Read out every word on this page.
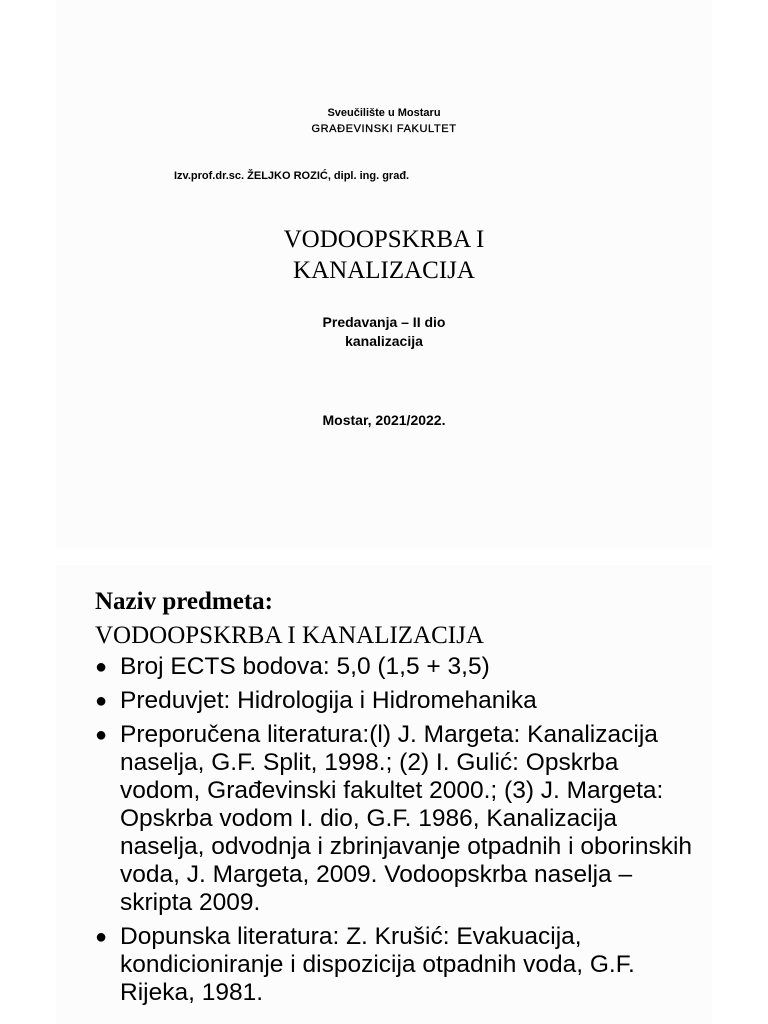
Sveučilište u Mostaru
GRAĐEVINSKI FAKULTET
Izv.prof.dr.sc. ŽELJKO ROZIĆ, dipl. ing. građ.
VODOOPSKRBA I
KANALIZACIJA
Predavanja – II dio
kanalizacija
Mostar, 2021/2022.
Naziv predmeta:
VODOOPSKRBA I KANALIZACIJA
● Broj ECTS bodova: 5,0 (1,5 + 3,5)
● Preduvjet: Hidrologija i Hidromehanika
● Preporučena literatura:(l) J. Margeta: Kanalizacija naselja, G.F. Split, 1998.; (2) I. Gulić: Opskrba vodom, Građevinski fakultet 2000.; (3) J. Margeta: Opskrba vodom I. dio, G.F. 1986, Kanalizacija naselja, odvodnja i zbrinjavanje otpadnih i oborinskih voda, J. Margeta, 2009. Vodoopskrba naselja – skripta 2009.
● Dopunska literatura: Z. Krušić: Evakuacija, kondicioniranje i dispozicija otpadnih voda, G.F. Rijeka, 1981.
